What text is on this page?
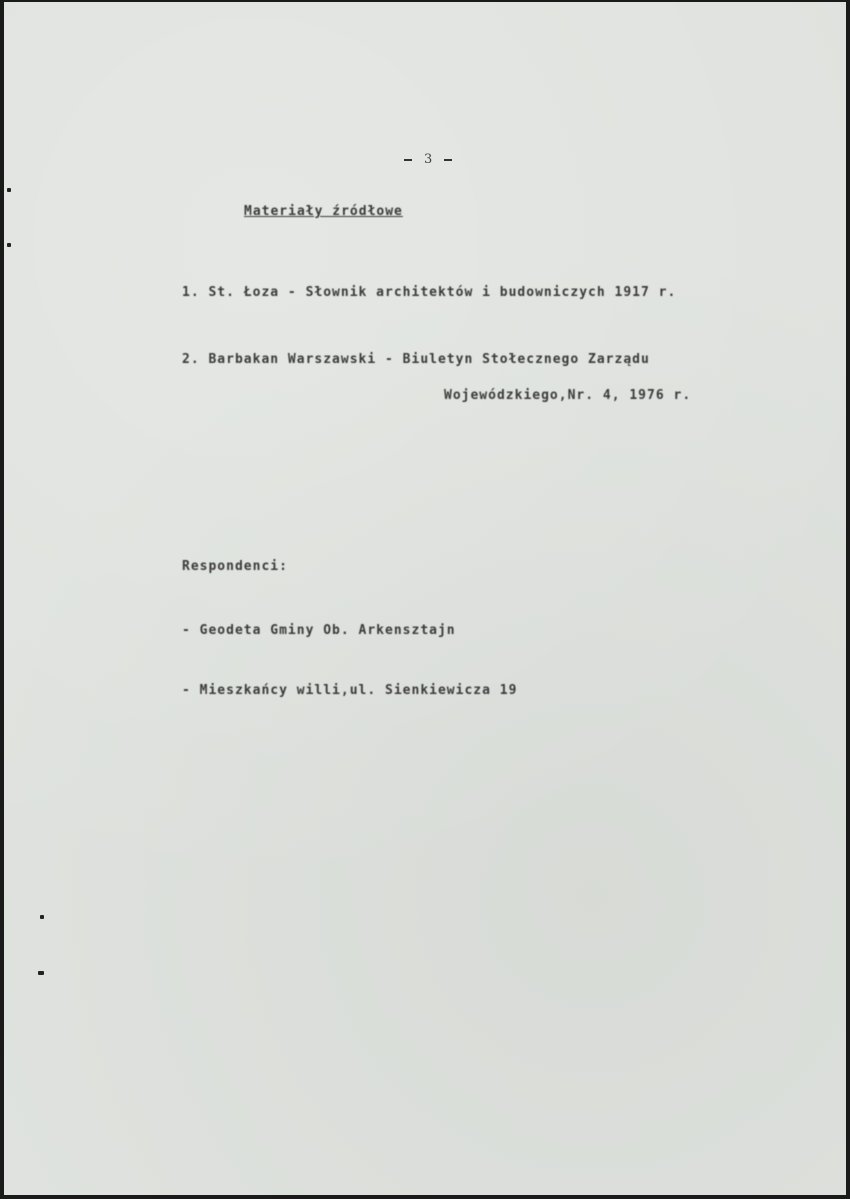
3
Materiały źródłowe
1. St. Łoza - Słownik architektów i budowniczych 1917 r.
2. Barbakan Warszawski - Biuletyn Stołecznego Zarządu
Wojewódzkiego,Nr. 4, 1976 r.
Respondenci:
- Geodeta Gminy Ob. Arkensztajn
- Mieszkańcy willi,ul. Sienkiewicza 19
